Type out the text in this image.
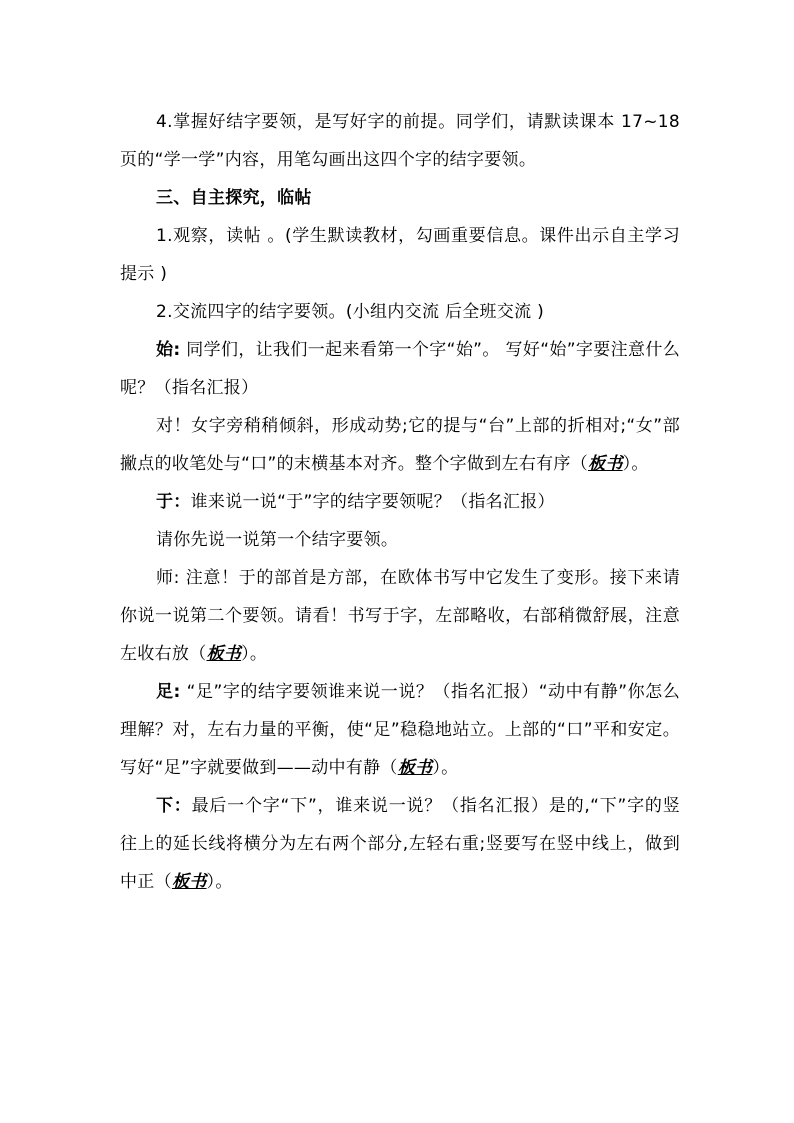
4.掌握好结字要领，是写好字的前提。同学们，请默读课本 17~18页的“学一学”内容，用笔勾画出这四个字的结字要领。

三、自主探究，临帖

1.观察，读帖 。(学生默读教材，勾画重要信息。课件出示自主学习提示 )

2.交流四字的结字要领。(小组内交流 后全班交流 )

始: 同学们，让我们一起来看第一个字“始”。 写好“始”字要注意什么呢？（指名汇报）

对！女字旁稍稍倾斜，形成动势;它的提与“台”上部的折相对;“女”部撇点的收笔处与“口”的末横基本对齐。整个字做到左右有序（板书）。

于：谁来说一说“于”字的结字要领呢？（指名汇报）

请你先说一说第一个结字要领。

师: 注意！于的部首是方部，在欧体书写中它发生了变形。接下来请你说一说第二个要领。请看！书写于字，左部略收，右部稍微舒展，注意左收右放（板书）。

足: “足”字的结字要领谁来说一说？（指名汇报）“动中有静”你怎么理解？对，左右力量的平衡，使“足”稳稳地站立。上部的“口”平和安定。写好“足”字就要做到——动中有静（板书）。

下：最后一个字“下”，谁来说一说？（指名汇报）是的,“下”字的竖往上的延长线将横分为左右两个部分,左轻右重;竖要写在竖中线上，做到中正（板书）。
